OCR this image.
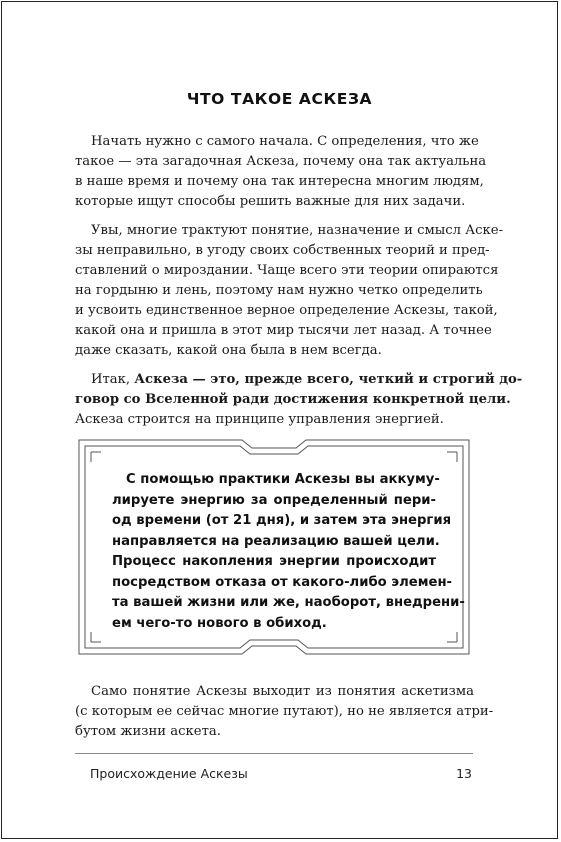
ЧТО ТАКОЕ АСКЕЗА
Начать нужно с самого начала. С определения, что же
такое — эта загадочная Аскеза, почему она так актуальна
в наше время и почему она так интересна многим людям,
которые ищут способы решить важные для них задачи.
Увы, многие трактуют понятие, назначение и смысл Аске-
зы неправильно, в угоду своих собственных теорий и пред-
ставлений о мироздании. Чаще всего эти теории опираются
на гордыню и лень, поэтому нам нужно четко определить
и усвоить единственное верное определение Аскезы, такой,
какой она и пришла в этот мир тысячи лет назад. А точнее
даже сказать, какой она была в нем всегда.
Итак, Аскеза — это, прежде всего, четкий и строгий до-
говор со Вселенной ради достижения конкретной цели.
Аскеза строится на принципе управления энергией.
С помощью практики Аскезы вы аккуму-
лируете энергию за определенный пери-
од времени (от 21 дня), и затем эта энергия
направляется на реализацию вашей цели.
Процесс накопления энергии происходит
посредством отказа от какого-либо элемен-
та вашей жизни или же, наоборот, внедрени-
ем чего-то нового в обиход.
Само понятие Аскезы выходит из понятия аскетизма
(с которым ее сейчас многие путают), но не является атри-
бутом жизни аскета.
Происхождение Аскезы	13
